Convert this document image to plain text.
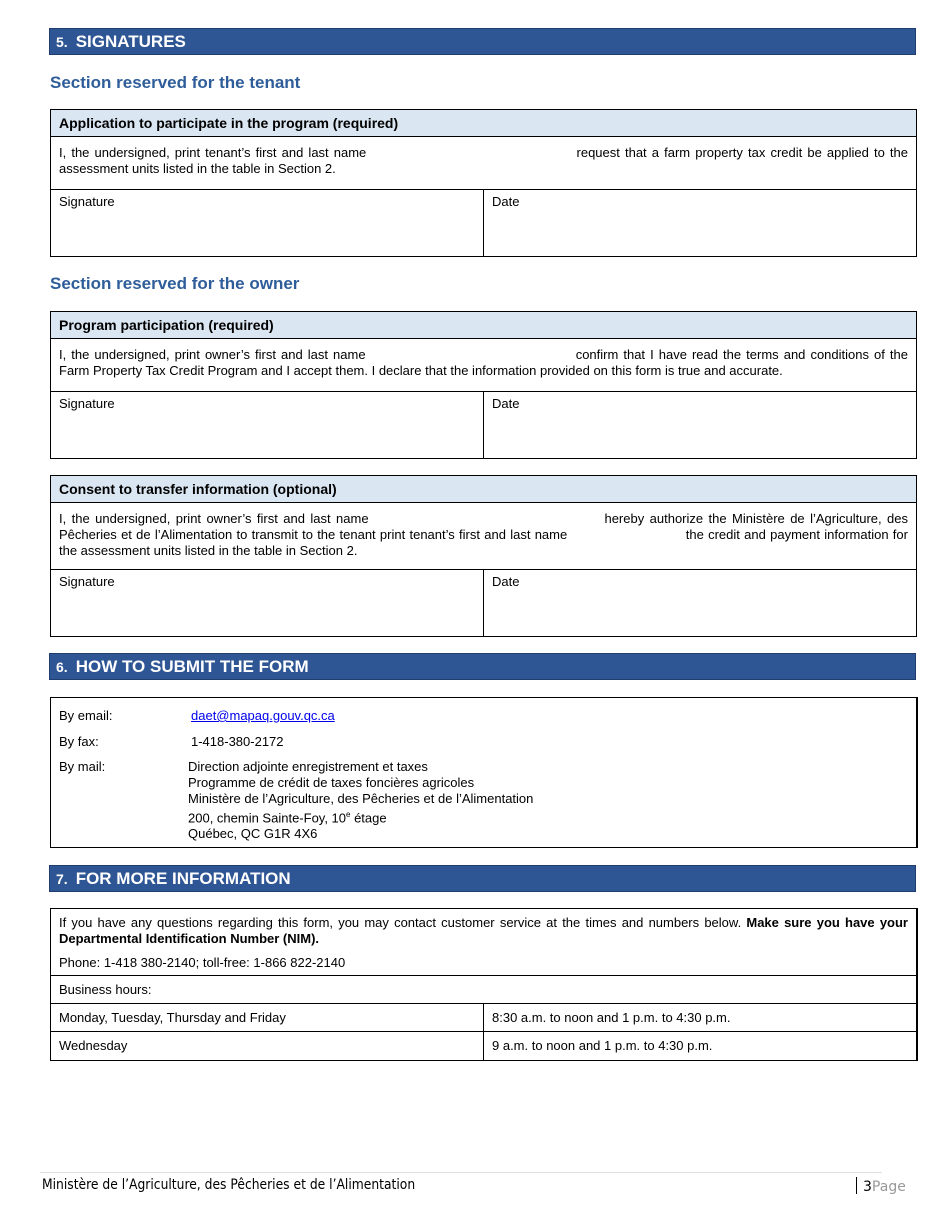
5. SIGNATURES
Section reserved for the tenant
Application to participate in the program (required)
I, the undersigned, print tenant’s first and last name	request that a farm property tax credit be applied to the assessment units listed in the table in Section 2.
Signature	Date
Section reserved for the owner
Program participation (required)
I, the undersigned, print owner’s first and last name	confirm that I have read the terms and conditions of the Farm Property Tax Credit Program and I accept them. I declare that the information provided on this form is true and accurate.
Signature	Date
Consent to transfer information (optional)
I, the undersigned, print owner’s first and last name	hereby authorize the Ministère de l’Agriculture, des Pêcheries et de l’Alimentation to transmit to the tenant print tenant’s first and last name	the credit and payment information for the assessment units listed in the table in Section 2.
Signature	Date
6. HOW TO SUBMIT THE FORM
By email:	daet@mapaq.gouv.qc.ca
By fax:	1-418-380-2172
By mail:	Direction adjointe enregistrement et taxes
Programme de crédit de taxes foncières agricoles
Ministère de l’Agriculture, des Pêcheries et de l’Alimentation
200, chemin Sainte-Foy, 10e étage
Québec, QC G1R 4X6
7. FOR MORE INFORMATION

If you have any questions regarding this form, you may contact customer service at the times and numbers below. Make sure you have your Departmental Identification Number (NIM).

Phone: 1-418 380-2140; toll-free: 1-866 822-2140

Business hours:
Monday, Tuesday, Thursday and Friday	8:30 a.m. to noon and 1 p.m. to 4:30 p.m.
Wednesday	9 a.m. to noon and 1 p.m. to 4:30 p.m.
Ministère de l’Agriculture, des Pêcheries et de l’Alimentation	3Page
